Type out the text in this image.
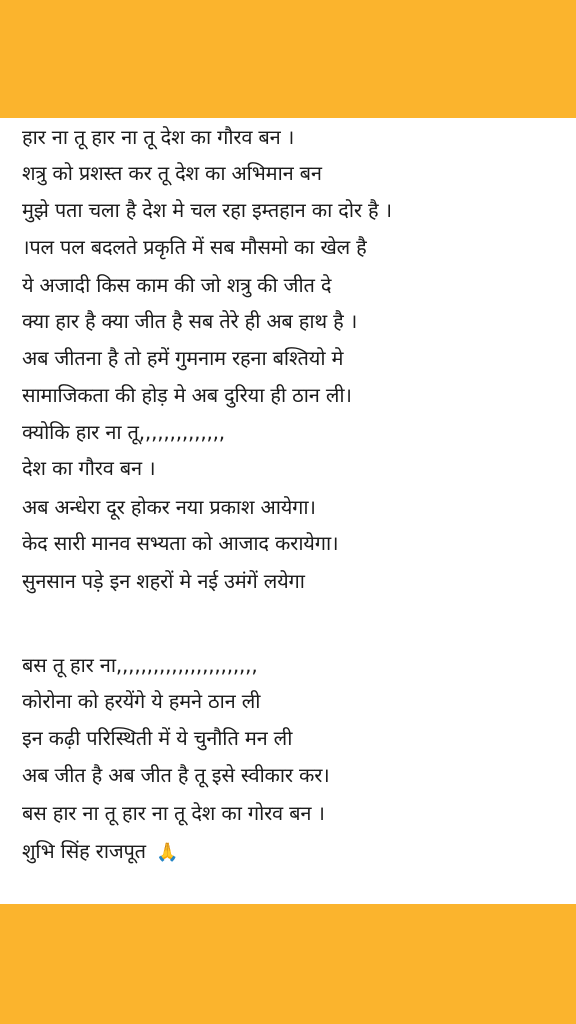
हार ना तू हार ना तू देश का गौरव बन ।
शत्रु को प्रशस्त कर तू देश का अभिमान बन
मुझे पता चला है देश मे चल रहा इम्तहान का दोर है ।
।पल पल बदलते प्रकृति में सब मौसमो का खेल है
ये अजादी किस काम की जो शत्रु की जीत दे
क्या हार है क्या जीत है सब तेरे ही अब हाथ है ।
अब जीतना है तो हमें गुमनाम रहना बश्तियो मे
सामाजिकता की होड़ मे अब दुरिया ही ठान ली।
क्योकि हार ना तू,,,,,,,,,,,,,,
देश का गौरव बन ।
अब अन्धेरा दूर होकर नया प्रकाश आयेगा।
केद सारी मानव सभ्यता को आजाद करायेगा।
सुनसान पड़े इन शहरों मे नई उमंगें लयेगा
बस तू हार ना,,,,,,,,,,,,,,,,,,,,,,,
कोरोना को हरयेंगे ये हमने ठान ली
इन कढ़ी परिस्थिती में ये चुनौति मन ली
अब जीत है अब जीत है तू इसे स्वीकार कर।
बस हार ना तू हार ना तू देश का गोरव बन ।
शुभि सिंह राजपूत 🙏
